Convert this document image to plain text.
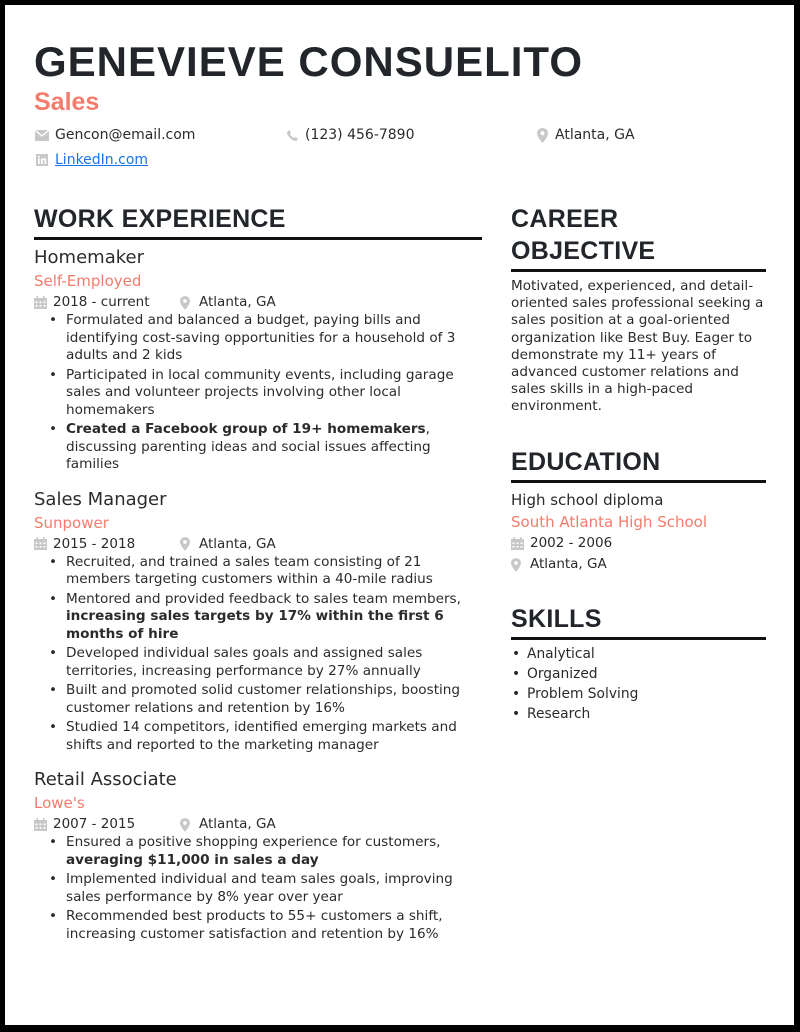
GENEVIEVE CONSUELITO
Sales
Gencon@email.com	(123) 456-7890	Atlanta, GA
LinkedIn.com
WORK EXPERIENCE
Homemaker
Self-Employed
2018 - current	Atlanta, GA
• Formulated and balanced a budget, paying bills and identifying cost-saving opportunities for a household of 3 adults and 2 kids
• Participated in local community events, including garage sales and volunteer projects involving other local homemakers
• Created a Facebook group of 19+ homemakers, discussing parenting ideas and social issues affecting families
Sales Manager
Sunpower
2015 - 2018	Atlanta, GA
• Recruited, and trained a sales team consisting of 21 members targeting customers within a 40-mile radius
• Mentored and provided feedback to sales team members, increasing sales targets by 17% within the first 6 months of hire
• Developed individual sales goals and assigned sales territories, increasing performance by 27% annually
• Built and promoted solid customer relationships, boosting customer relations and retention by 16%
• Studied 14 competitors, identified emerging markets and shifts and reported to the marketing manager
Retail Associate
Lowe's
2007 - 2015	Atlanta, GA
• Ensured a positive shopping experience for customers, averaging $11,000 in sales a day
• Implemented individual and team sales goals, improving sales performance by 8% year over year
• Recommended best products to 55+ customers a shift, increasing customer satisfaction and retention by 16%
CAREER OBJECTIVE
Motivated, experienced, and detail-oriented sales professional seeking a sales position at a goal-oriented organization like Best Buy. Eager to demonstrate my 11+ years of advanced customer relations and sales skills in a high-paced environment.
EDUCATION
High school diploma
South Atlanta High School
2002 - 2006
Atlanta, GA
SKILLS
• Analytical
• Organized
• Problem Solving
• Research
